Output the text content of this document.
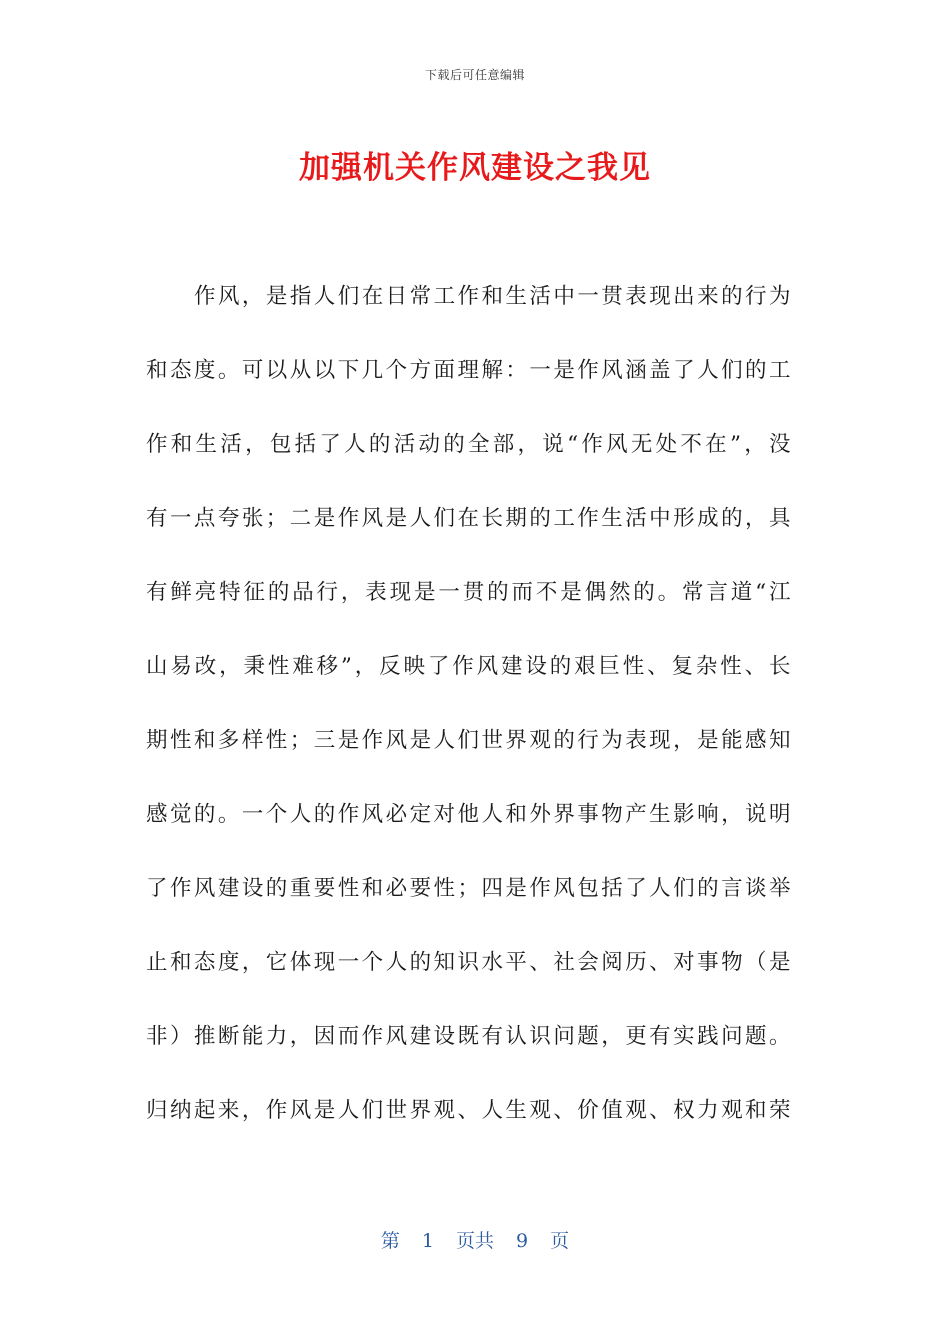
下载后可任意编辑
加强机关作风建设之我见
作风，是指人们在日常工作和生活中一贯表现出来的行为
和态度。可以从以下几个方面理解：一是作风涵盖了人们的工
作和生活，包括了人的活动的全部，说“作风无处不在”，没
有一点夸张；二是作风是人们在长期的工作生活中形成的，具
有鲜亮特征的品行，表现是一贯的而不是偶然的。常言道“江
山易改，秉性难移”，反映了作风建设的艰巨性、复杂性、长
期性和多样性；三是作风是人们世界观的行为表现，是能感知
感觉的。一个人的作风必定对他人和外界事物产生影响，说明
了作风建设的重要性和必要性；四是作风包括了人们的言谈举
止和态度，它体现一个人的知识水平、社会阅历、对事物（是
非）推断能力，因而作风建设既有认识问题，更有实践问题。
归纳起来，作风是人们世界观、人生观、价值观、权力观和荣
第 1 页共 9 页
